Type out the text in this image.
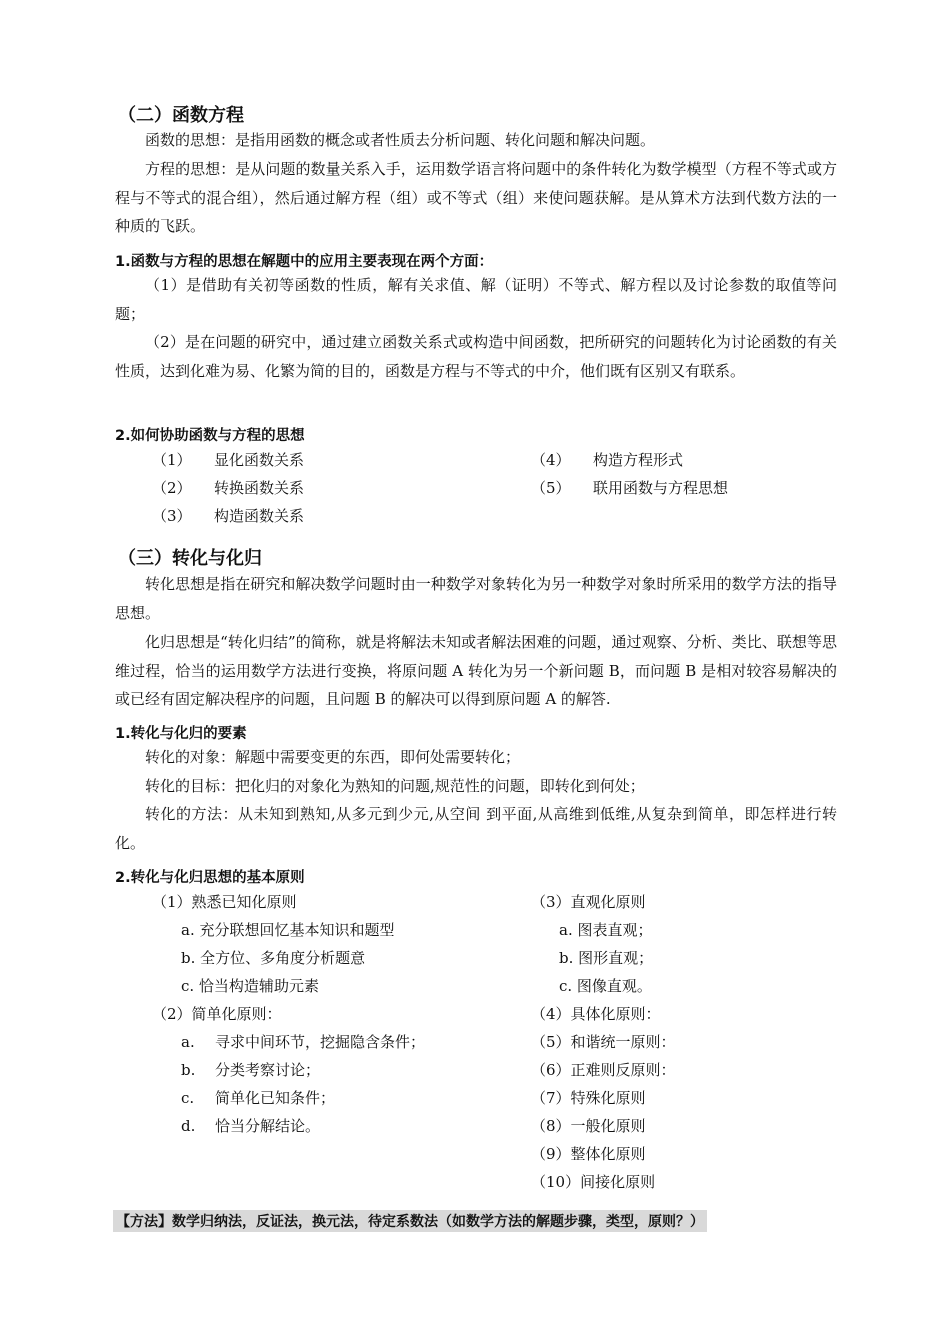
（二）函数方程
函数的思想：是指用函数的概念或者性质去分析问题、转化问题和解决问题。
方程的思想：是从问题的数量关系入手，运用数学语言将问题中的条件转化为数学模型（方程不等式或方程与不等式的混合组），然后通过解方程（组）或不等式（组）来使问题获解。是从算术方法到代数方法的一种质的飞跃。
1.函数与方程的思想在解题中的应用主要表现在两个方面：
（1）是借助有关初等函数的性质，解有关求值、解（证明）不等式、解方程以及讨论参数的取值等问题；
（2）是在问题的研究中，通过建立函数关系式或构造中间函数，把所研究的问题转化为讨论函数的有关性质，达到化难为易、化繁为简的目的，函数是方程与不等式的中介，他们既有区别又有联系。
2.如何协助函数与方程的思想
（1） 显化函数关系
（2） 转换函数关系
（3） 构造函数关系
（4） 构造方程形式
（5） 联用函数与方程思想
（三）转化与化归
转化思想是指在研究和解决数学问题时由一种数学对象转化为另一种数学对象时所采用的数学方法的指导思想。
化归思想是“转化归结”的简称，就是将解法未知或者解法困难的问题，通过观察、分析、类比、联想等思维过程，恰当的运用数学方法进行变换，将原问题 A 转化为另一个新问题 B，而问题 B 是相对较容易解决的或已经有固定解决程序的问题，且问题 B 的解决可以得到原问题 A 的解答.
1.转化与化归的要素
转化的对象：解题中需要变更的东西，即何处需要转化；
转化的目标：把化归的对象化为熟知的问题,规范性的问题，即转化到何处；
转化的方法：从未知到熟知,从多元到少元,从空间 到平面,从高维到低维,从复杂到简单，即怎样进行转化。
2.转化与化归思想的基本原则
（1）熟悉已知化原则
a. 充分联想回忆基本知识和题型
b. 全方位、多角度分析题意
c. 恰当构造辅助元素
（2）简单化原则：
a. 寻求中间环节，挖掘隐含条件；
b. 分类考察讨论；
c. 简单化已知条件；
d. 恰当分解结论。
（3）直观化原则
a. 图表直观；
b. 图形直观；
c. 图像直观。
（4）具体化原则：
（5）和谐统一原则：
（6）正难则反原则：
（7）特殊化原则
（8）一般化原则
（9）整体化原则
（10）间接化原则
【方法】数学归纳法，反证法，换元法，待定系数法（如数学方法的解题步骤，类型，原则？）
